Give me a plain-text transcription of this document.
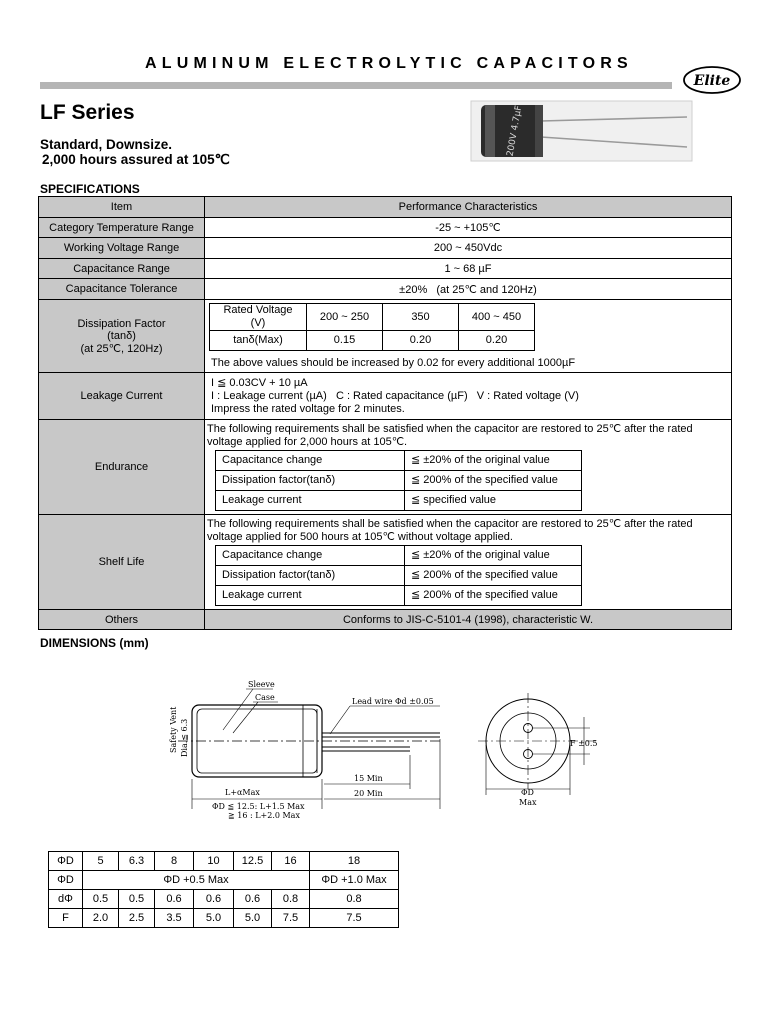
ALUMINUM ELECTROLYTIC CAPACITORS
Elite
LF Series
Standard, Downsize.
2,000 hours assured at 105℃
200V 4.7µF
SPECIFICATIONS
Item	Performance Characteristics
Category Temperature Range	-25 ~ +105℃
Working Voltage Range	200 ~ 450Vdc
Capacitance Range	1 ~ 68 µF
Capacitance Tolerance	±20%   (at 25℃ and 120Hz)

Dissipation Factor
(tanδ)
(at 25℃, 120Hz)

Rated Voltage (V)	200 ~ 250	350	400 ~ 450
tanδ(Max)	0.15	0.20	0.20
The above values should be increased by 0.02 for every additional 1000µF

Leakage Current	
I ≦ 0.03CV + 10 µA
I : Leakage current (µA)   C : Rated capacitance (µF)   V : Rated voltage (V)
Impress the rated voltage for 2 minutes.

Endurance	
The following requirements shall be satisfied when the capacitor are restored to 25℃ after the rated
voltage applied for 2,000 hours at 105℃.
Capacitance change	≦ ±20% of the original value
Dissipation factor(tanδ)	≦ 200% of the specified value
Leakage current	≦ specified value

Shelf Life	
The following requirements shall be satisfied when the capacitor are restored to 25℃ after the rated
voltage applied for 500 hours at 105℃ without voltage applied.
Capacitance change	≦ ±20% of the original value
Dissipation factor(tanδ)	≦ 200% of the specified value
Leakage current	≦ 200% of the specified value

Others	Conforms to JIS-C-5101-4 (1998), characteristic W.
DIMENSIONS (mm)
Sleeve
Case	Lead wire Φd ±0.05
Safety Vent Dia.≦ 6.3
L+αMax
15 Min
20 Min
ΦD ≦ 12.5: L+1.5 Max
≧ 16 : L+2.0 Max
F ±0.5
ΦD
Max
ΦD	5	6.3	8	10	12.5	16	18
ΦD	ΦD +0.5 Max						ΦD +1.0 Max
dΦ	0.5	0.5	0.6	0.6	0.6	0.8	0.8
F	2.0	2.5	3.5	5.0	5.0	7.5	7.5
